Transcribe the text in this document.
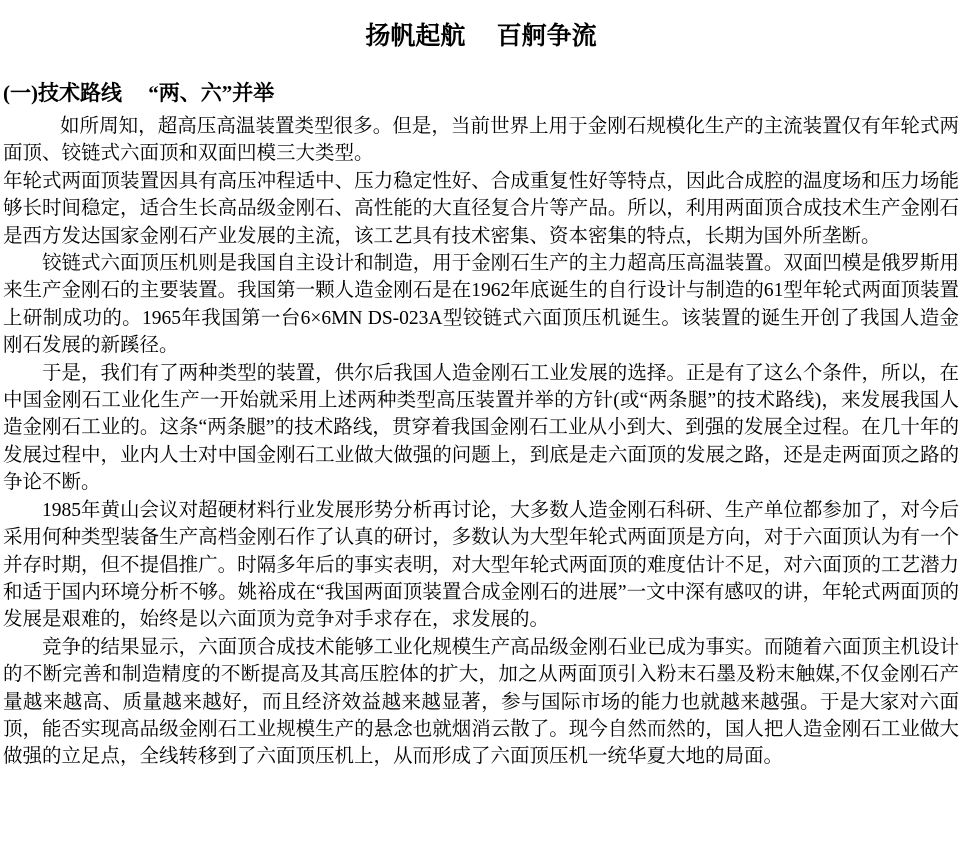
扬帆起航　 百舸争流
(一)技术路线　 “两、六”并举

如所周知，超高压高温装置类型很多。但是，当前世界上用于金刚石规模化生产的主流装置仅有年轮式两面顶、铰链式六面顶和双面凹模三大类型。

年轮式两面顶装置因具有高压冲程适中、压力稳定性好、合成重复性好等特点，因此合成腔的温度场和压力场能够长时间稳定，适合生长高品级金刚石、高性能的大直径复合片等产品。所以，利用两面顶合成技术生产金刚石是西方发达国家金刚石产业发展的主流，该工艺具有技术密集、资本密集的特点，长期为国外所垄断。

铰链式六面顶压机则是我国自主设计和制造，用于金刚石生产的主力超高压高温装置。双面凹模是俄罗斯用来生产金刚石的主要装置。我国第一颗人造金刚石是在1962年底诞生的自行设计与制造的61型年轮式两面顶装置上研制成功的。1965年我国第一台6×6MN DS-023A型铰链式六面顶压机诞生。该装置的诞生开创了我国人造金刚石发展的新蹊径。

于是，我们有了两种类型的装置，供尔后我国人造金刚石工业发展的选择。正是有了这么个条件，所以，在中国金刚石工业化生产一开始就采用上述两种类型高压装置并举的方针(或“两条腿”的技术路线)，来发展我国人造金刚石工业的。这条“两条腿”的技术路线，贯穿着我国金刚石工业从小到大、到强的发展全过程。在几十年的发展过程中，业内人士对中国金刚石工业做大做强的问题上，到底是走六面顶的发展之路，还是走两面顶之路的争论不断。

1985年黄山会议对超硬材料行业发展形势分析再讨论，大多数人造金刚石科研、生产单位都参加了，对今后采用何种类型装备生产高档金刚石作了认真的研讨，多数认为大型年轮式两面顶是方向，对于六面顶认为有一个并存时期，但不提倡推广。时隔多年后的事实表明，对大型年轮式两面顶的难度估计不足，对六面顶的工艺潜力和适于国内环境分析不够。姚裕成在“我国两面顶装置合成金刚石的进展”一文中深有感叹的讲，年轮式两面顶的发展是艰难的，始终是以六面顶为竞争对手求存在，求发展的。

竞争的结果显示，六面顶合成技术能够工业化规模生产高品级金刚石业已成为事实。而随着六面顶主机设计的不断完善和制造精度的不断提高及其高压腔体的扩大，加之从两面顶引入粉末石墨及粉末触媒,不仅金刚石产量越来越高、质量越来越好，而且经济效益越来越显著，参与国际市场的能力也就越来越强。于是大家对六面顶，能否实现高品级金刚石工业规模生产的悬念也就烟消云散了。现今自然而然的，国人把人造金刚石工业做大做强的立足点，全线转移到了六面顶压机上，从而形成了六面顶压机一统华夏大地的局面。
